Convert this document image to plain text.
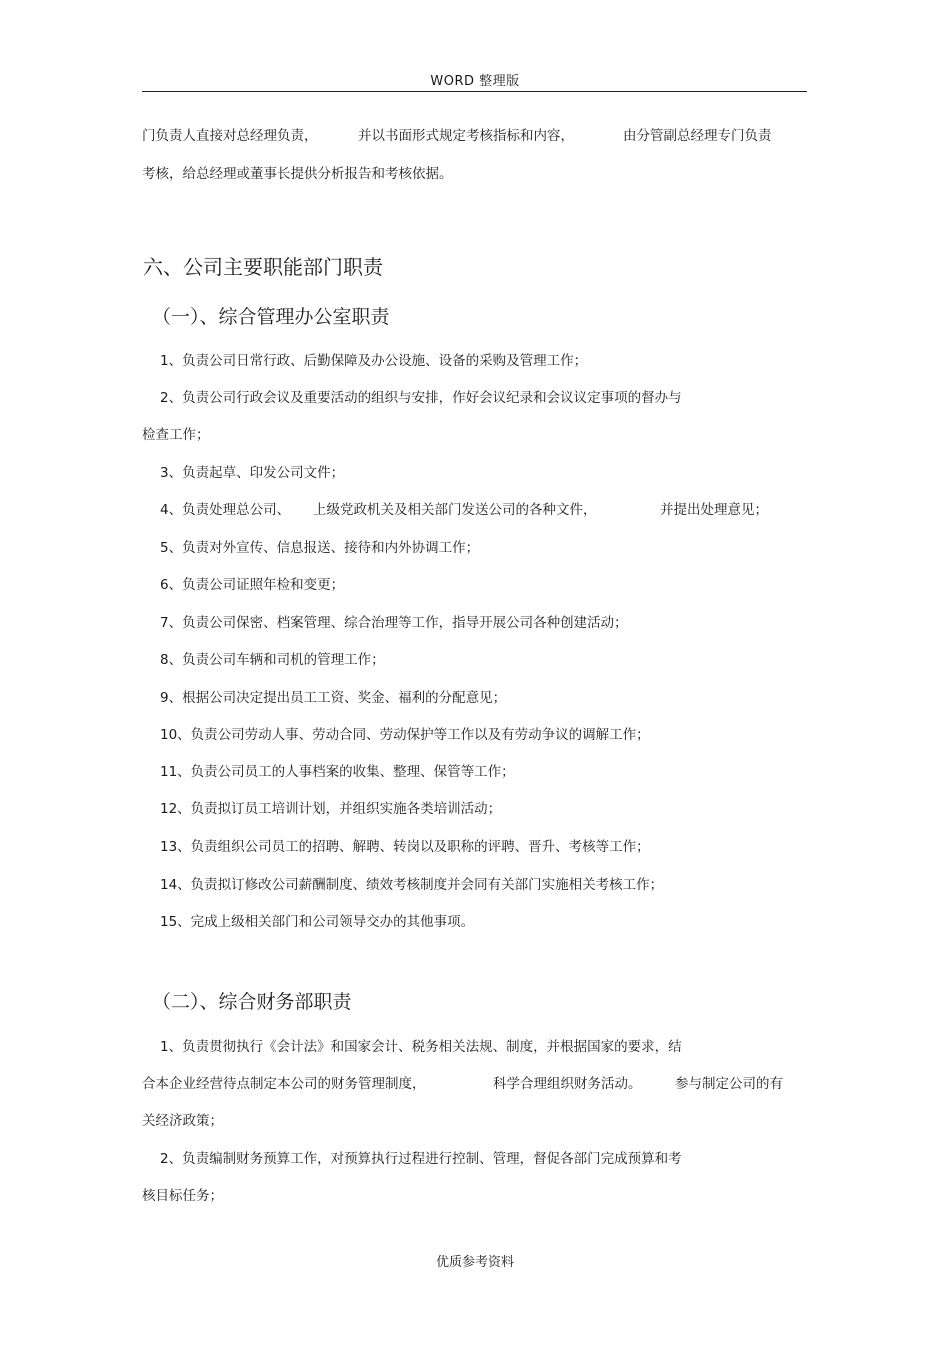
WORD 整理版
门负责人直接对总经理负责，	并以书面形式规定考核指标和内容，	由分管副总经理专门负责
考核，给总经理或董事长提供分析报告和考核依据。
六、公司主要职能部门职责
（一）、综合管理办公室职责
1、负责公司日常行政、后勤保障及办公设施、设备的采购及管理工作；
2、负责公司行政会议及重要活动的组织与安排，作好会议纪录和会议议定事项的督办与
检查工作；
3、负责起草、印发公司文件；
4、负责处理总公司、 上级党政机关及相关部门发送公司的各种文件，	并提出处理意见；
5、负责对外宣传、信息报送、接待和内外协调工作；
6、负责公司证照年检和变更；
7、负责公司保密、档案管理、综合治理等工作，指导开展公司各种创建活动；
8、负责公司车辆和司机的管理工作；
9、根据公司决定提出员工工资、奖金、福利的分配意见；
10、负责公司劳动人事、劳动合同、劳动保护等工作以及有劳动争议的调解工作；
11、负责公司员工的人事档案的收集、整理、保管等工作；
12、负责拟订员工培训计划，并组织实施各类培训活动；
13、负责组织公司员工的招聘、解聘、转岗以及职称的评聘、晋升、考核等工作；
14、负责拟订修改公司薪酬制度、绩效考核制度并会同有关部门实施相关考核工作；
15、完成上级相关部门和公司领导交办的其他事项。
（二）、综合财务部职责
1、负责贯彻执行《会计法》和国家会计、税务相关法规、制度，并根据国家的要求，结
合本企业经营待点制定本公司的财务管理制度，	科学合理组织财务活动。 参与制定公司的有
关经济政策；
2、负责编制财务预算工作，对预算执行过程进行控制、管理，督促各部门完成预算和考
核目标任务；
优质参考资料
